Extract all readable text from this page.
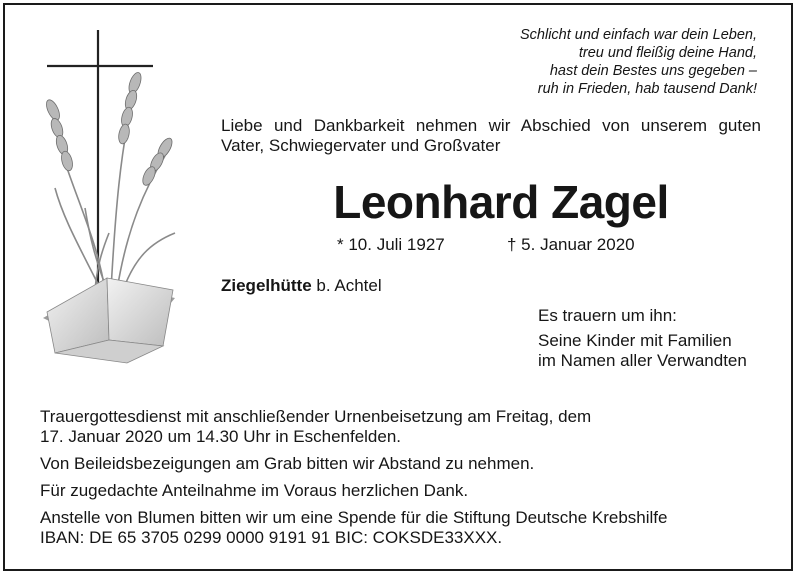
Schlicht und einfach war dein Leben,
treu und fleißig deine Hand,
hast dein Bestes uns gegeben –
ruh in Frieden, hab tausend Dank!
Liebe und Dankbarkeit nehmen wir Abschied von unserem guten
Vater, Schwiegervater und Großvater
Leonhard Zagel
* 10. Juli 1927	† 5. Januar 2020
Ziegelhütte b. Achtel
Es trauern um ihn:
Seine Kinder mit Familien
im Namen aller Verwandten
Trauergottesdienst mit anschließender Urnenbeisetzung am Freitag, dem
17. Januar 2020 um 14.30 Uhr in Eschenfelden.
Von Beileidsbezeigungen am Grab bitten wir Abstand zu nehmen.
Für zugedachte Anteilnahme im Voraus herzlichen Dank.
Anstelle von Blumen bitten wir um eine Spende für die Stiftung Deutsche Krebshilfe
IBAN: DE 65 3705 0299 0000 9191 91 BIC: COKSDE33XXX.
